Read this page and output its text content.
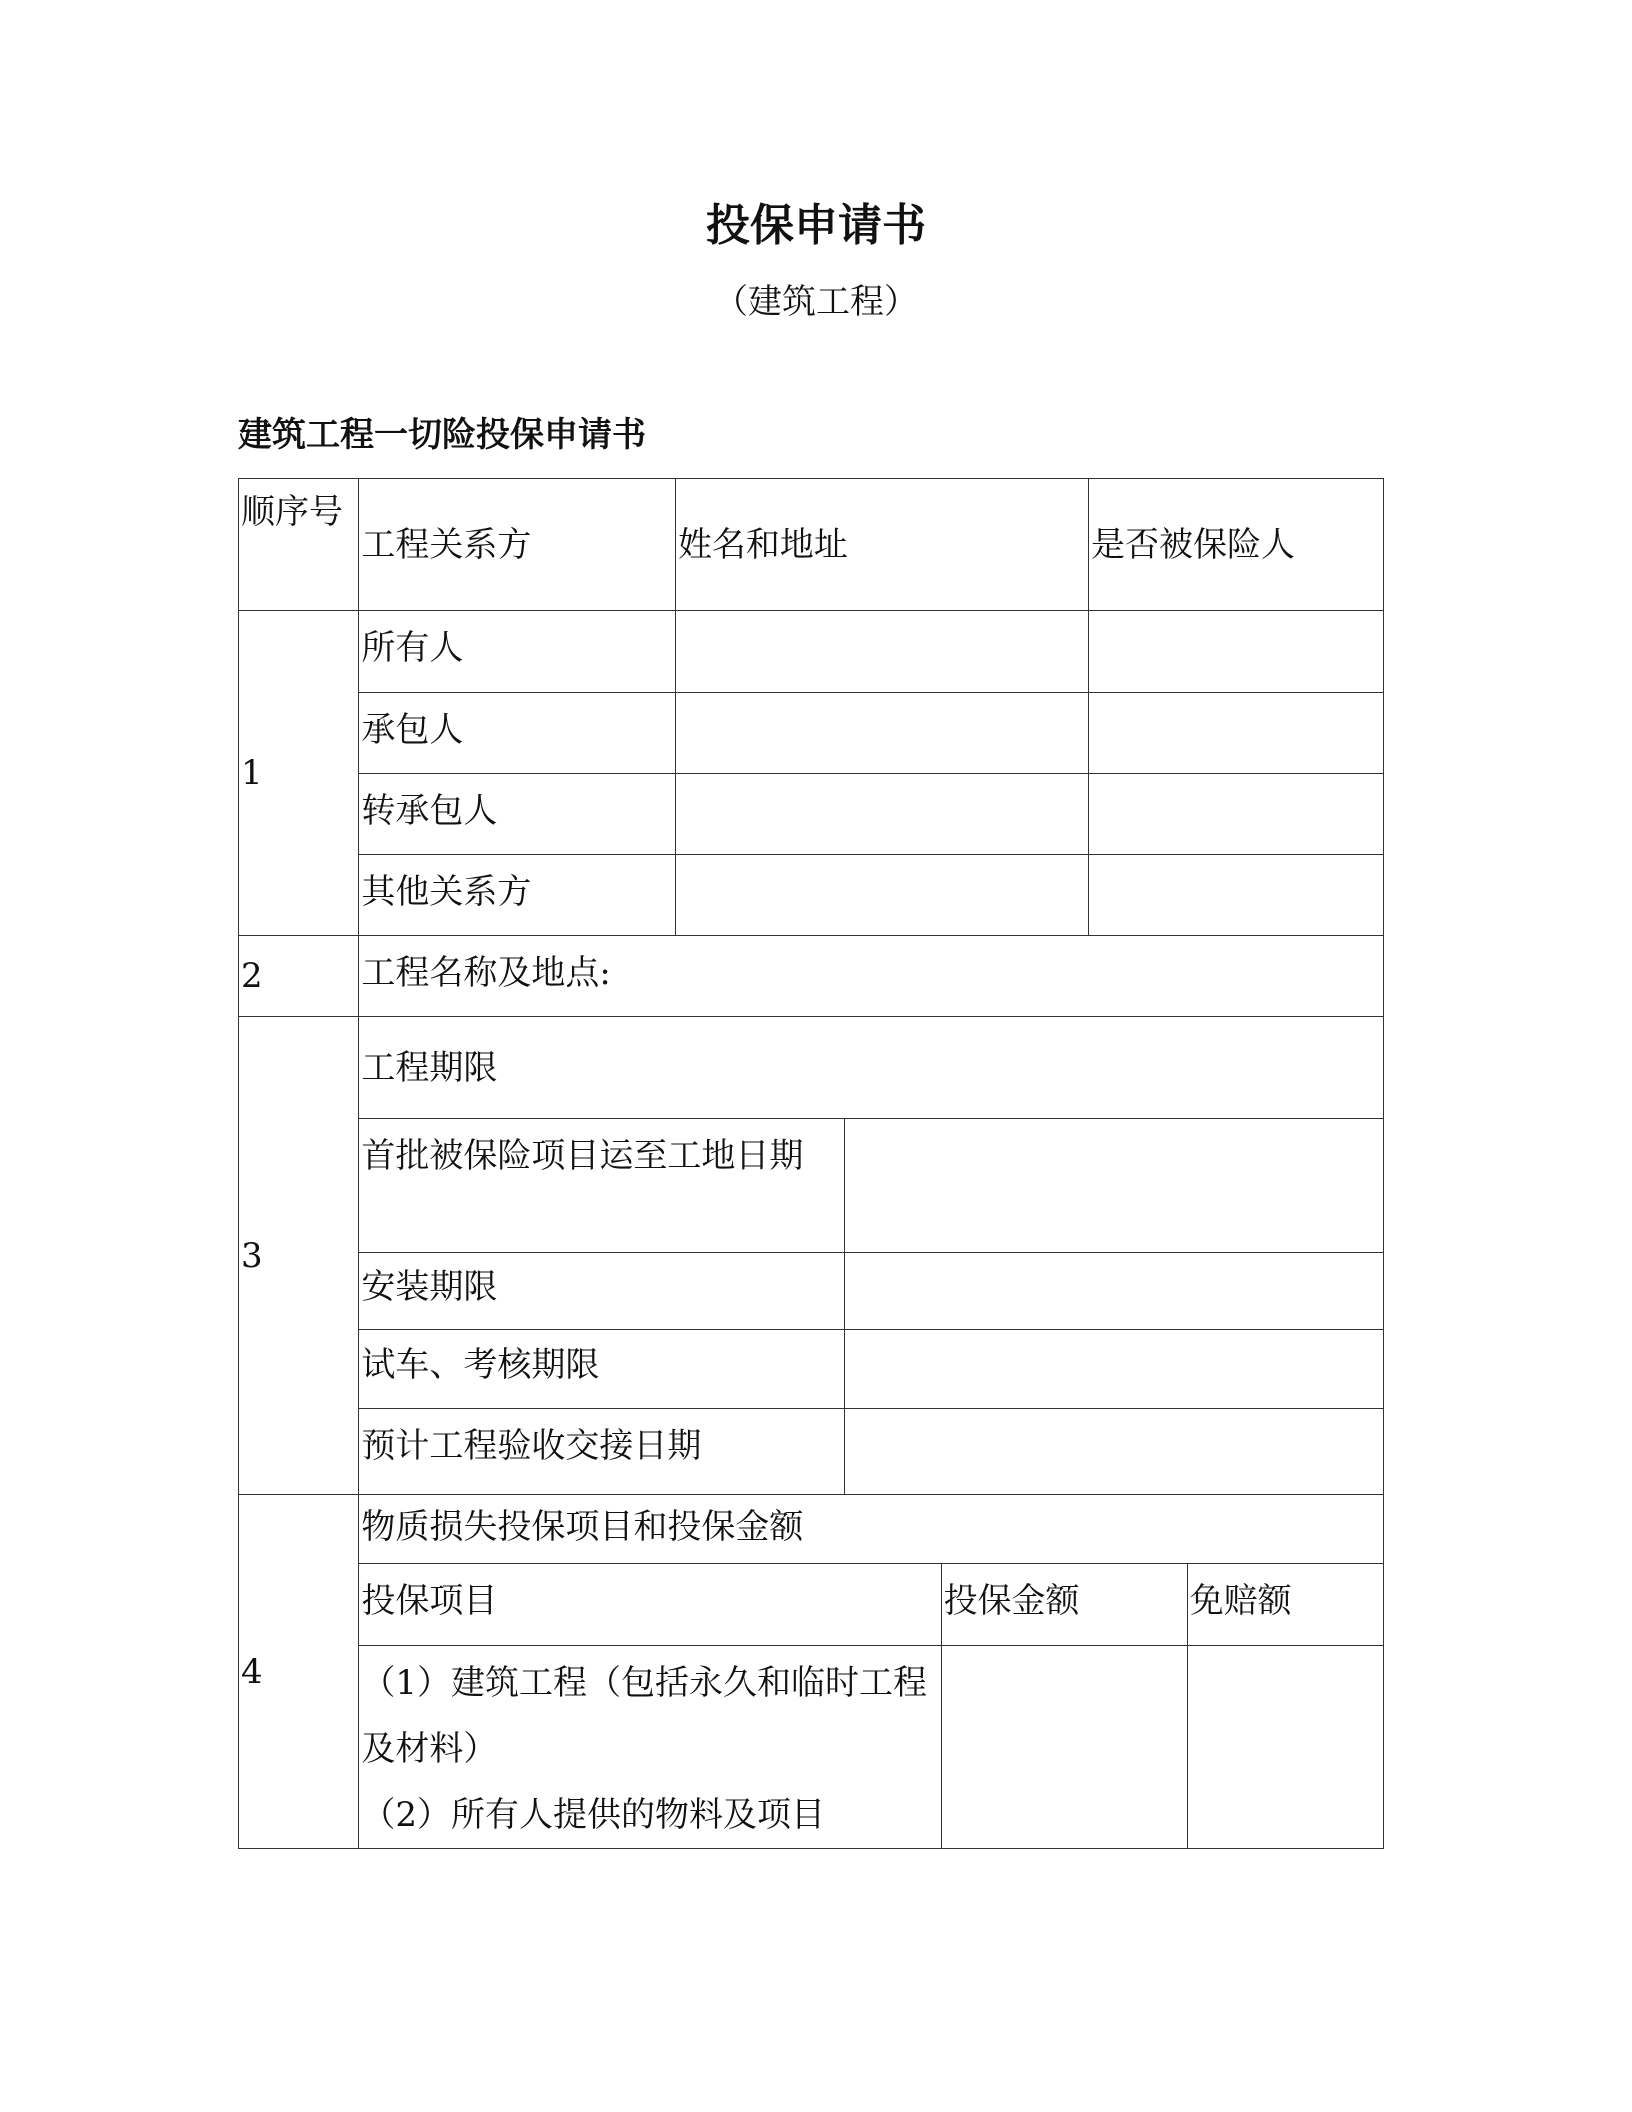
投保申请书

（建筑工程）

建筑工程一切险投保申请书

顺序号	工程关系方	姓名和地址			是否被保险人	
1	所有人					
	承包人					
	转承包人					
	其他关系方					
2	工程名称及地点:					
3	工程期限					
	首批被保险项目运至工地日期					
	安装期限					
	试车、考核期限					
	预计工程验收交接日期					
4	物质损失投保项目和投保金额					
	投保项目			投保金额		免赔额

	（1）建筑工程（包括永久和临时工程及材料）
（2）所有人提供的物料及项目					
